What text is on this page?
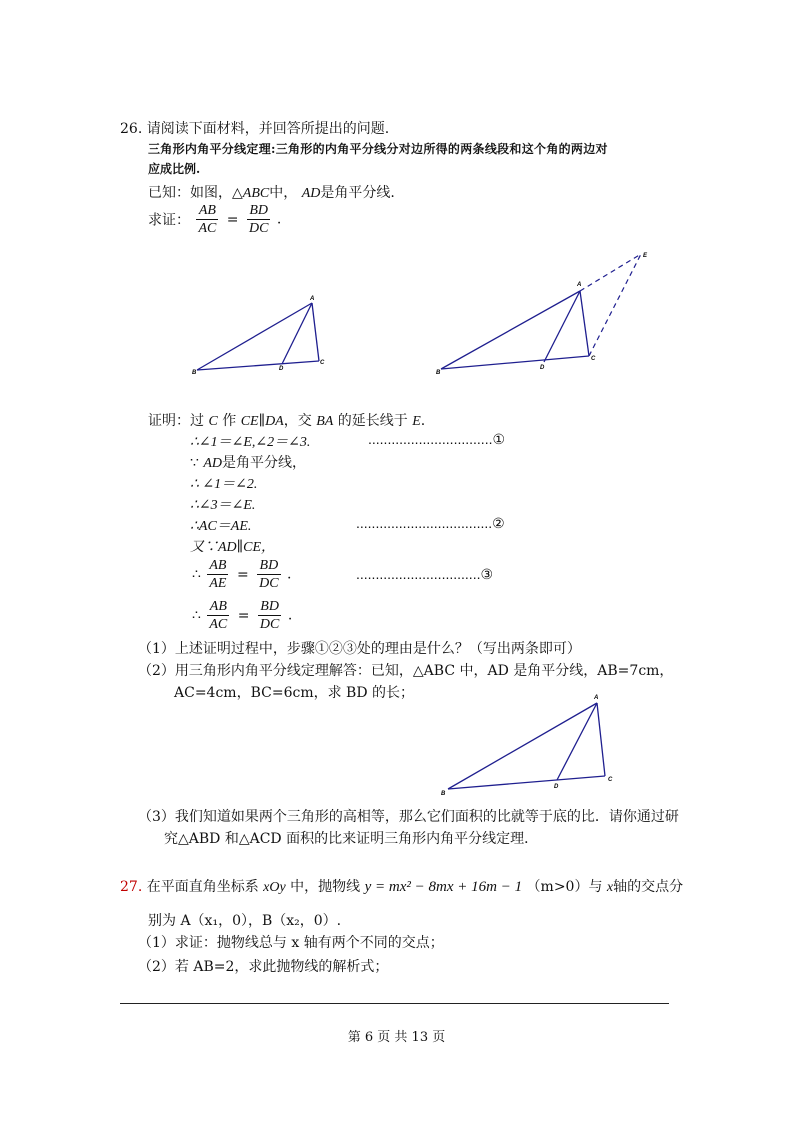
26. 请阅读下面材料，并回答所提出的问题.
三角形内角平分线定理:三角形的内角平分线分对边所得的两条线段和这个角的两边对
应成比例.
已知：如图，△ABC中， AD是角平分线.
求证： $\frac{AB}{AC} = \frac{BD}{DC}$ .
A
B
C
D
A
B
C
D
E
证明：过 C 作 CE∥DA，交 BA 的延长线于 E.
∴∠1＝∠E,∠2＝∠3.	................................①
∵ AD是角平分线，
∴ ∠1＝∠2.
∴∠3＝∠E.
∴AC＝AE.	...................................②
又∵AD∥CE，
∴ $\frac{AB}{AE} = \frac{BD}{DC}$ .	................................③
∴ $\frac{AB}{AC} = \frac{BD}{DC}$ .
（1）上述证明过程中，步骤①②③处的理由是什么？（写出两条即可）
（2）用三角形内角平分线定理解答：已知，△ABC 中，AD 是角平分线，AB=7cm，
AC=4cm，BC=6cm，求 BD 的长；	A
B
C
D
（3）我们知道如果两个三角形的高相等，那么它们面积的比就等于底的比．请你通过研
究△ABD 和△ACD 面积的比来证明三角形内角平分线定理．
27. 在平面直角坐标系 xOy 中，抛物线 y = mx² − 8mx + 16m − 1 （m>0）与 x轴的交点分
别为 A（x₁，0），B（x₂，0）.
（1）求证：抛物线总与 x 轴有两个不同的交点；
（2）若 AB=2，求此抛物线的解析式；
第 6 页 共 13 页
